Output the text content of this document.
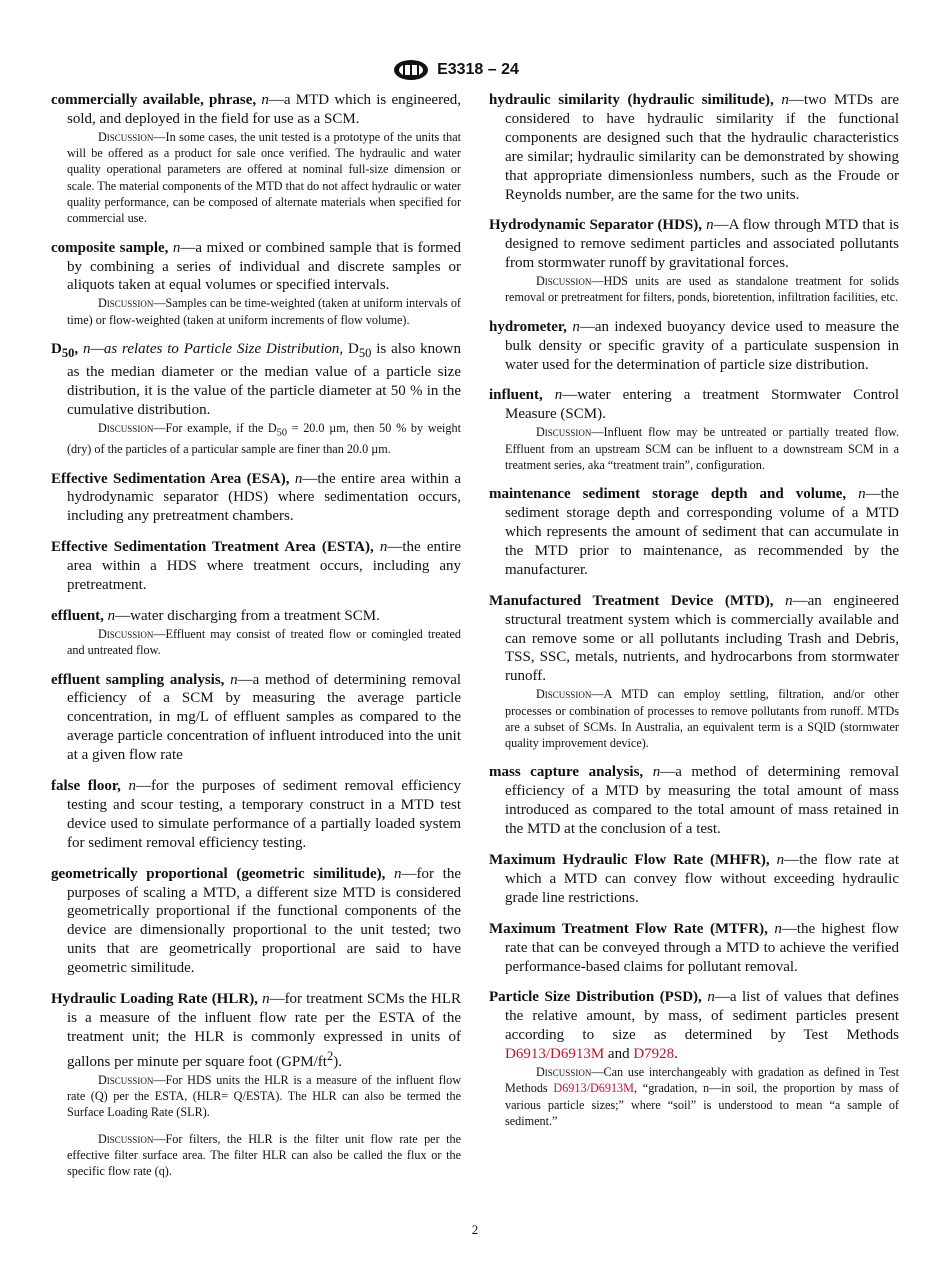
E3318 – 24

commercially available, phrase, n—a MTD which is engineered, sold, and deployed in the field for use as a SCM.

Discussion—In some cases, the unit tested is a prototype of the units that will be offered as a product for sale once verified. The hydraulic and water quality operational parameters are offered at nominal full-size dimension or scale. The material components of the MTD that do not affect hydraulic or water quality performance, can be composed of alternate materials when specified for commercial use.

composite sample, n—a mixed or combined sample that is formed by combining a series of individual and discrete samples or aliquots taken at equal volumes or specified intervals.

Discussion—Samples can be time-weighted (taken at uniform intervals of time) or flow-weighted (taken at uniform increments of flow volume).

$D_{50}$, n—as relates to Particle Size Distribution, $D_{50}$ is also known as the median diameter or the median value of a particle size distribution, it is the value of the particle diameter at 50 % in the cumulative distribution.

Discussion—For example, if the $D_{50} = 20.0$ µm, then 50 % by weight (dry) of the particles of a particular sample are finer than 20.0 µm.

Effective Sedimentation Area (ESA), n—the entire area within a hydrodynamic separator (HDS) where sedimentation occurs, including any pretreatment chambers.

Effective Sedimentation Treatment Area (ESTA), n—the entire area within a HDS where treatment occurs, including any pretreatment.

effluent, n—water discharging from a treatment SCM.

Discussion—Effluent may consist of treated flow or comingled treated and untreated flow.

effluent sampling analysis, n—a method of determining removal efficiency of a SCM by measuring the average particle concentration, in mg/L of effluent samples as compared to the average particle concentration of influent introduced into the unit at a given flow rate

false floor, n—for the purposes of sediment removal efficiency testing and scour testing, a temporary construct in a MTD test device used to simulate performance of a partially loaded system for sediment removal efficiency testing.

geometrically proportional (geometric similitude), n—for the purposes of scaling a MTD, a different size MTD is considered geometrically proportional if the functional components of the device are dimensionally proportional to the unit tested; two units that are geometrically proportional are said to have geometric similitude.

Hydraulic Loading Rate (HLR), n—for treatment SCMs the HLR is a measure of the influent flow rate per the ESTA of the treatment unit; the HLR is commonly expressed in units of gallons per minute per square foot $(GPM/ft^2)$.

Discussion—For HDS units the HLR is a measure of the influent flow rate (Q) per the ESTA, (HLR= Q/ESTA). The HLR can also be termed the Surface Loading Rate (SLR).

Discussion—For filters, the HLR is the filter unit flow rate per the effective filter surface area. The filter HLR can also be called the flux or the specific flow rate (q).

hydraulic similarity (hydraulic similitude), n—two MTDs are considered to have hydraulic similarity if the functional components are designed such that the hydraulic characteristics are similar; hydraulic similarity can be demonstrated by showing that appropriate dimensionless numbers, such as the Froude or Reynolds number, are the same for the two units.

Hydrodynamic Separator (HDS), n—A flow through MTD that is designed to remove sediment particles and associated pollutants from stormwater runoff by gravitational forces.

Discussion—HDS units are used as standalone treatment for solids removal or pretreatment for filters, ponds, bioretention, infiltration facilities, etc.

hydrometer, n—an indexed buoyancy device used to measure the bulk density or specific gravity of a particulate suspension in water used for the determination of particle size distribution.

influent, n—water entering a treatment Stormwater Control Measure (SCM).

Discussion—Influent flow may be untreated or partially treated flow. Effluent from an upstream SCM can be influent to a downstream SCM in a treatment series, aka “treatment train”, configuration.

maintenance sediment storage depth and volume, n—the sediment storage depth and corresponding volume of a MTD which represents the amount of sediment that can accumulate in the MTD prior to maintenance, as recommended by the manufacturer.

Manufactured Treatment Device (MTD), n—an engineered structural treatment system which is commercially available and can remove some or all pollutants including Trash and Debris, TSS, SSC, metals, nutrients, and hydrocarbons from stormwater runoff.

Discussion—A MTD can employ settling, filtration, and/or other processes or combination of processes to remove pollutants from runoff. MTDs are a subset of SCMs. In Australia, an equivalent term is a SQID (stormwater quality improvement device).

mass capture analysis, n—a method of determining removal efficiency of a MTD by measuring the total amount of mass introduced as compared to the total amount of mass retained in the MTD at the conclusion of a test.

Maximum Hydraulic Flow Rate (MHFR), n—the flow rate at which a MTD can convey flow without exceeding hydraulic grade line restrictions.

Maximum Treatment Flow Rate (MTFR), n—the highest flow rate that can be conveyed through a MTD to achieve the verified performance-based claims for pollutant removal.

Particle Size Distribution (PSD), n—a list of values that defines the relative amount, by mass, of sediment particles present according to size as determined by Test Methods D6913/D6913M and D7928.

Discussion—Can use interchangeably with gradation as defined in Test Methods D6913/D6913M, “gradation, n—in soil, the proportion by mass of various particle sizes;” where “soil” is understood to mean “a sample of sediment.”

2
